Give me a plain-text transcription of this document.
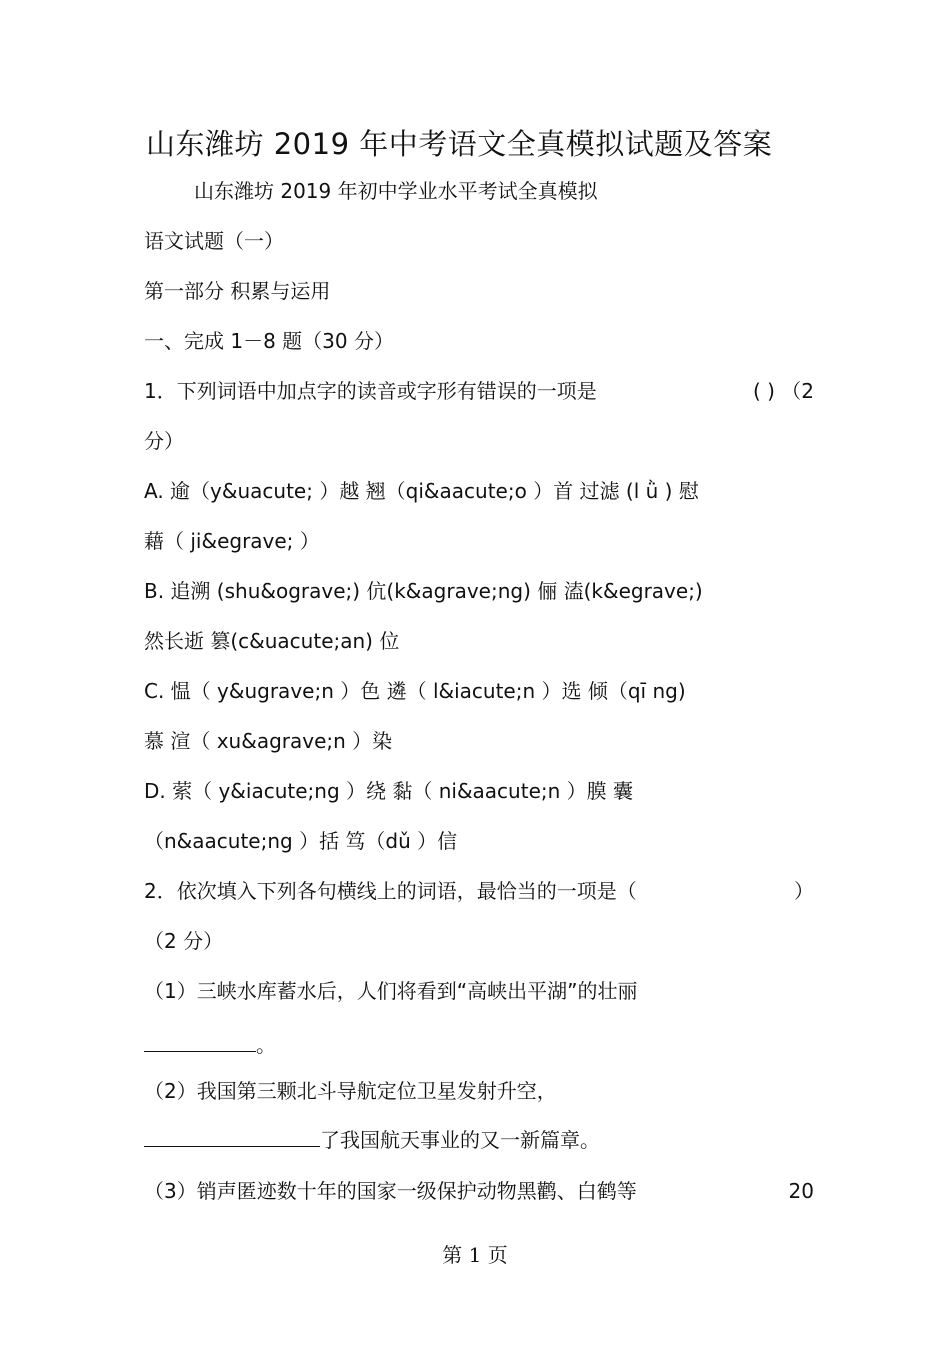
山东潍坊 2019 年中考语文全真模拟试题及答案
山东潍坊 2019 年初中学业水平考试全真模拟
语文试题（一）
第一部分 积累与运用
一、完成 1－8 题（30 分）
1．下列词语中加点字的读音或字形有错误的一项是	( ) （2
分）
A. 逾（y&uacute; ）越 翘（qi&aacute;o ）首 过滤 (l ǜ ) 慰
藉（ ji&egrave; ）
B. 追溯 (shu&ograve;) 伉(k&agrave;ng) 俪 溘(k&egrave;)
然长逝 篡(c&uacute;an) 位
C. 愠（ y&ugrave;n ）色 遴（ l&iacute;n ）选 倾（qī ng)
慕 渲（ xu&agrave;n ）染
D. 萦（ y&iacute;ng ）绕 黏（ ni&aacute;n ）膜 囊
（n&aacute;ng ）括 笃（dǔ ）信
2．依次填入下列各句横线上的词语，最恰当的一项是（	）
（2 分）
（1）三峡水库蓄水后，人们将看到“高峡出平湖”的壮丽
。
（2）我国第三颗北斗导航定位卫星发射升空，
了我国航天事业的又一新篇章。
（3）销声匿迹数十年的国家一级保护动物黑鹳、白鹤等	20
第 1 页
